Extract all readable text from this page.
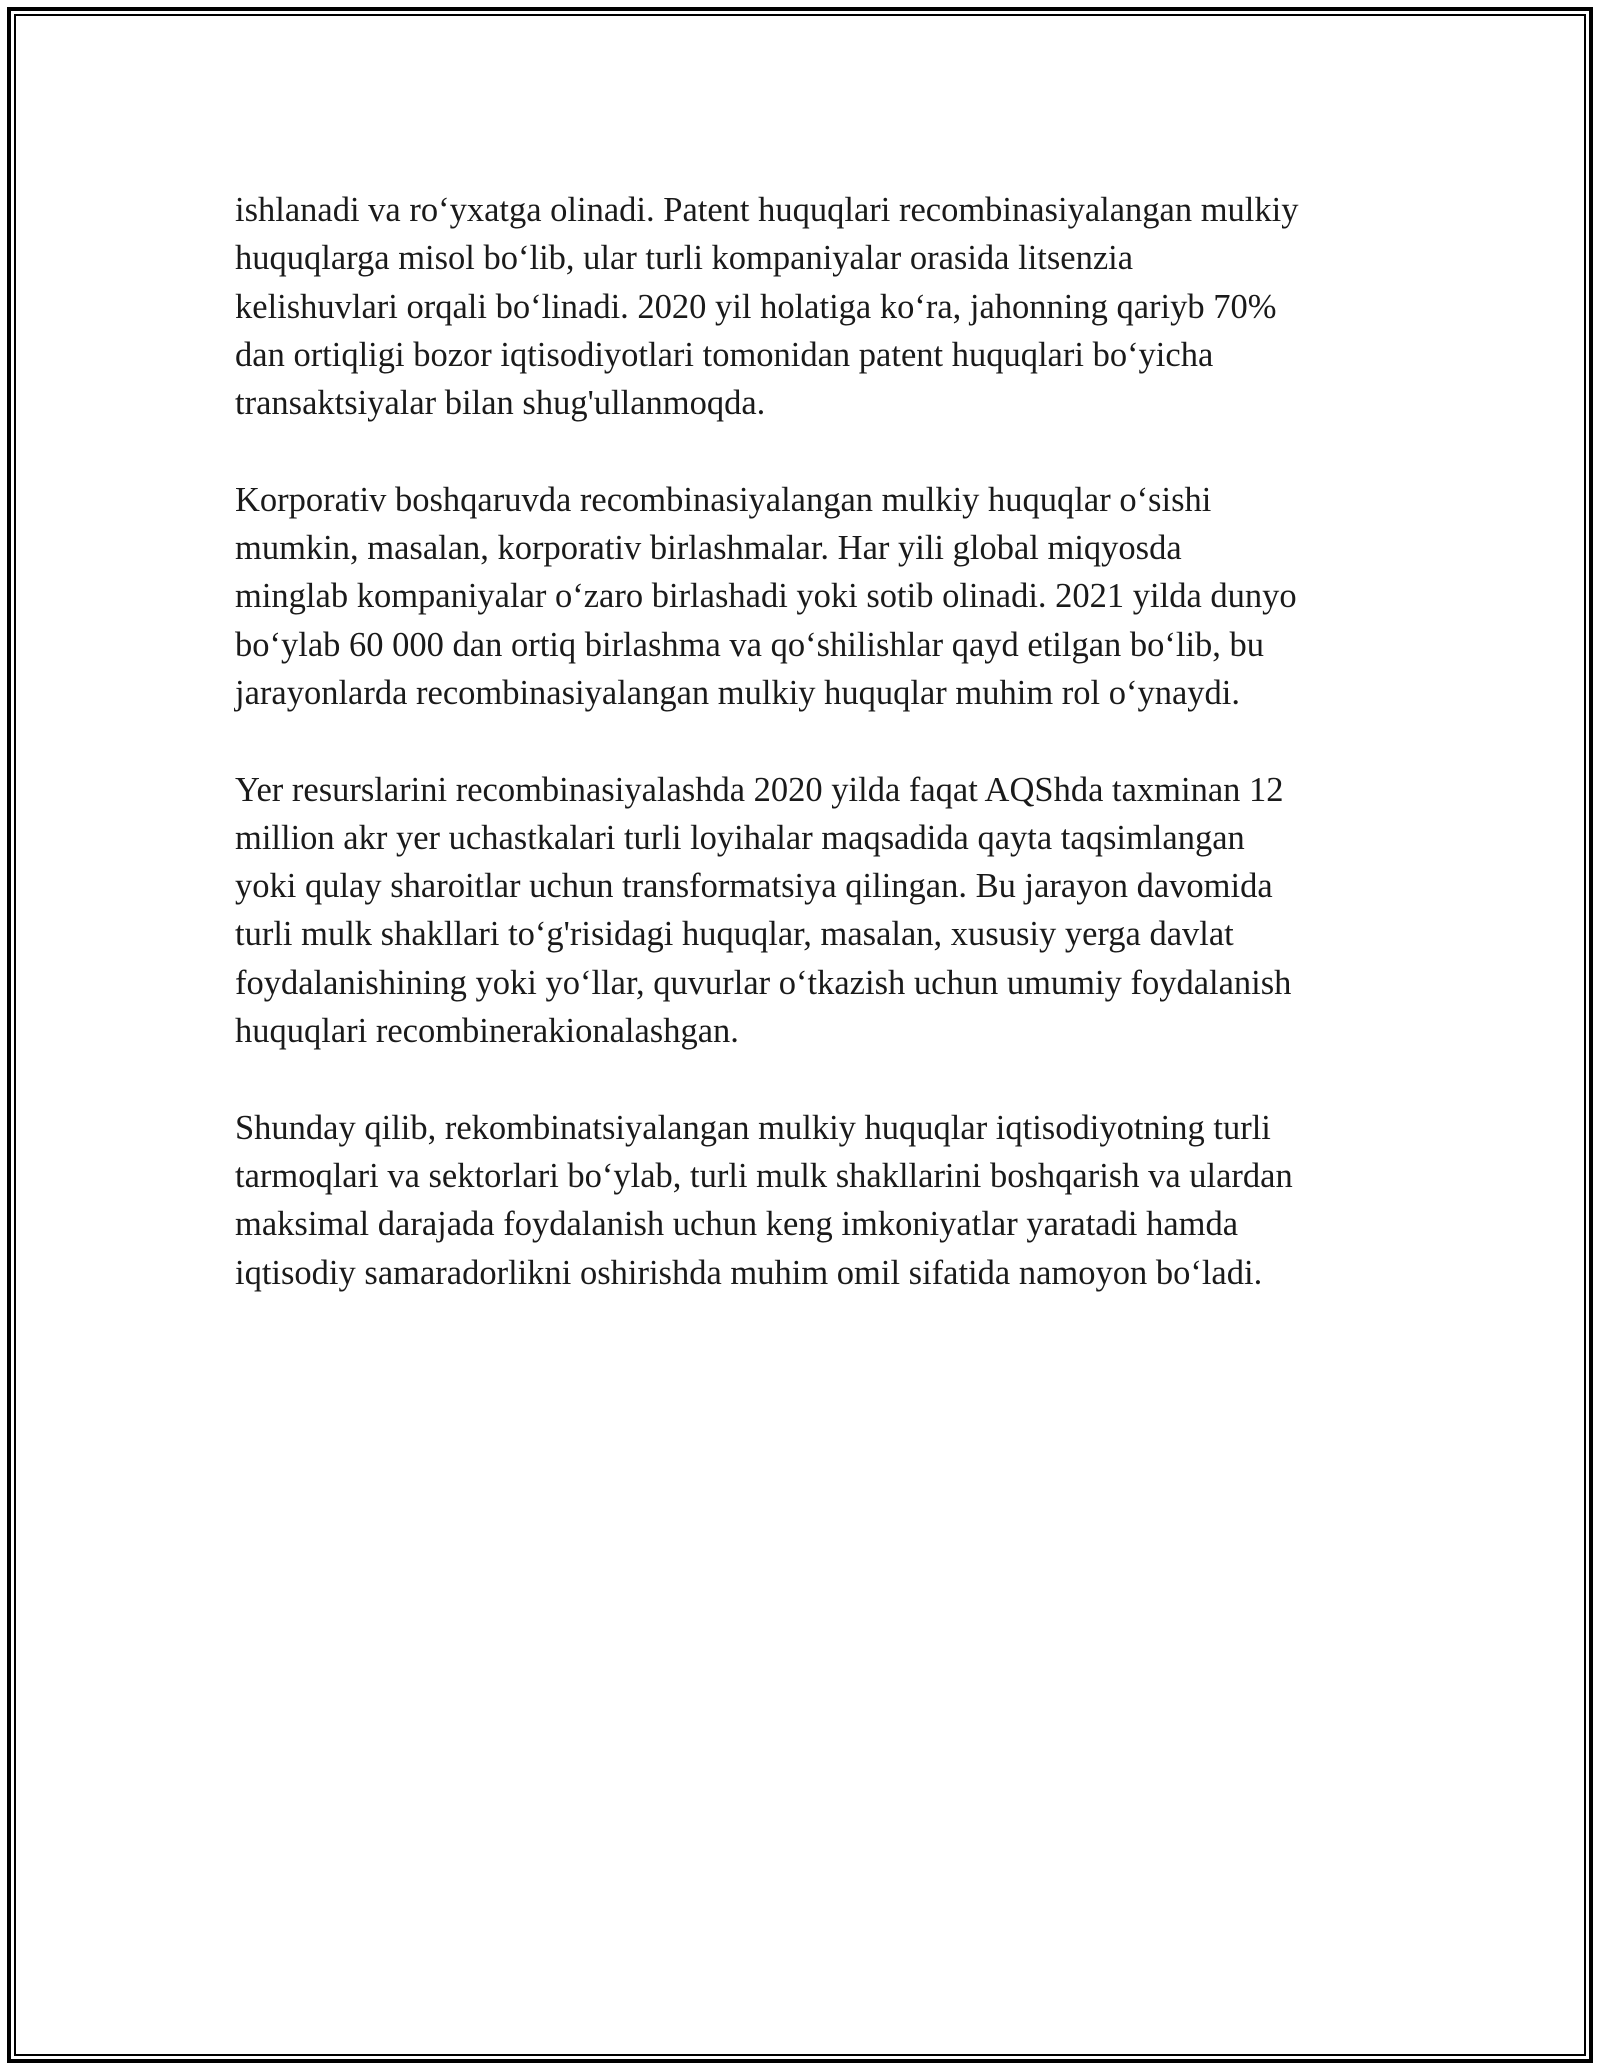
ishlanadi va ro‘yxatga olinadi. Patent huquqlari recombinasiyalangan mulkiy
huquqlarga misol bo‘lib, ular turli kompaniyalar orasida litsenzia
kelishuvlari orqali bo‘linadi. 2020 yil holatiga ko‘ra, jahonning qariyb 70%
dan ortiqligi bozor iqtisodiyotlari tomonidan patent huquqlari bo‘yicha
transaktsiyalar bilan shug'ullanmoqda.

Korporativ boshqaruvda recombinasiyalangan mulkiy huquqlar o‘sishi
mumkin, masalan, korporativ birlashmalar. Har yili global miqyosda
minglab kompaniyalar o‘zaro birlashadi yoki sotib olinadi. 2021 yilda dunyo
bo‘ylab 60 000 dan ortiq birlashma va qo‘shilishlar qayd etilgan bo‘lib, bu
jarayonlarda recombinasiyalangan mulkiy huquqlar muhim rol o‘ynaydi.

Yer resurslarini recombinasiyalashda 2020 yilda faqat AQShda taxminan 12
million akr yer uchastkalari turli loyihalar maqsadida qayta taqsimlangan
yoki qulay sharoitlar uchun transformatsiya qilingan. Bu jarayon davomida
turli mulk shakllari to‘g'risidagi huquqlar, masalan, xususiy yerga davlat
foydalanishining yoki yo‘llar, quvurlar o‘tkazish uchun umumiy foydalanish
huquqlari recombinerakionalashgan.

Shunday qilib, rekombinatsiyalangan mulkiy huquqlar iqtisodiyotning turli
tarmoqlari va sektorlari bo‘ylab, turli mulk shakllarini boshqarish va ulardan
maksimal darajada foydalanish uchun keng imkoniyatlar yaratadi hamda
iqtisodiy samaradorlikni oshirishda muhim omil sifatida namoyon bo‘ladi.
